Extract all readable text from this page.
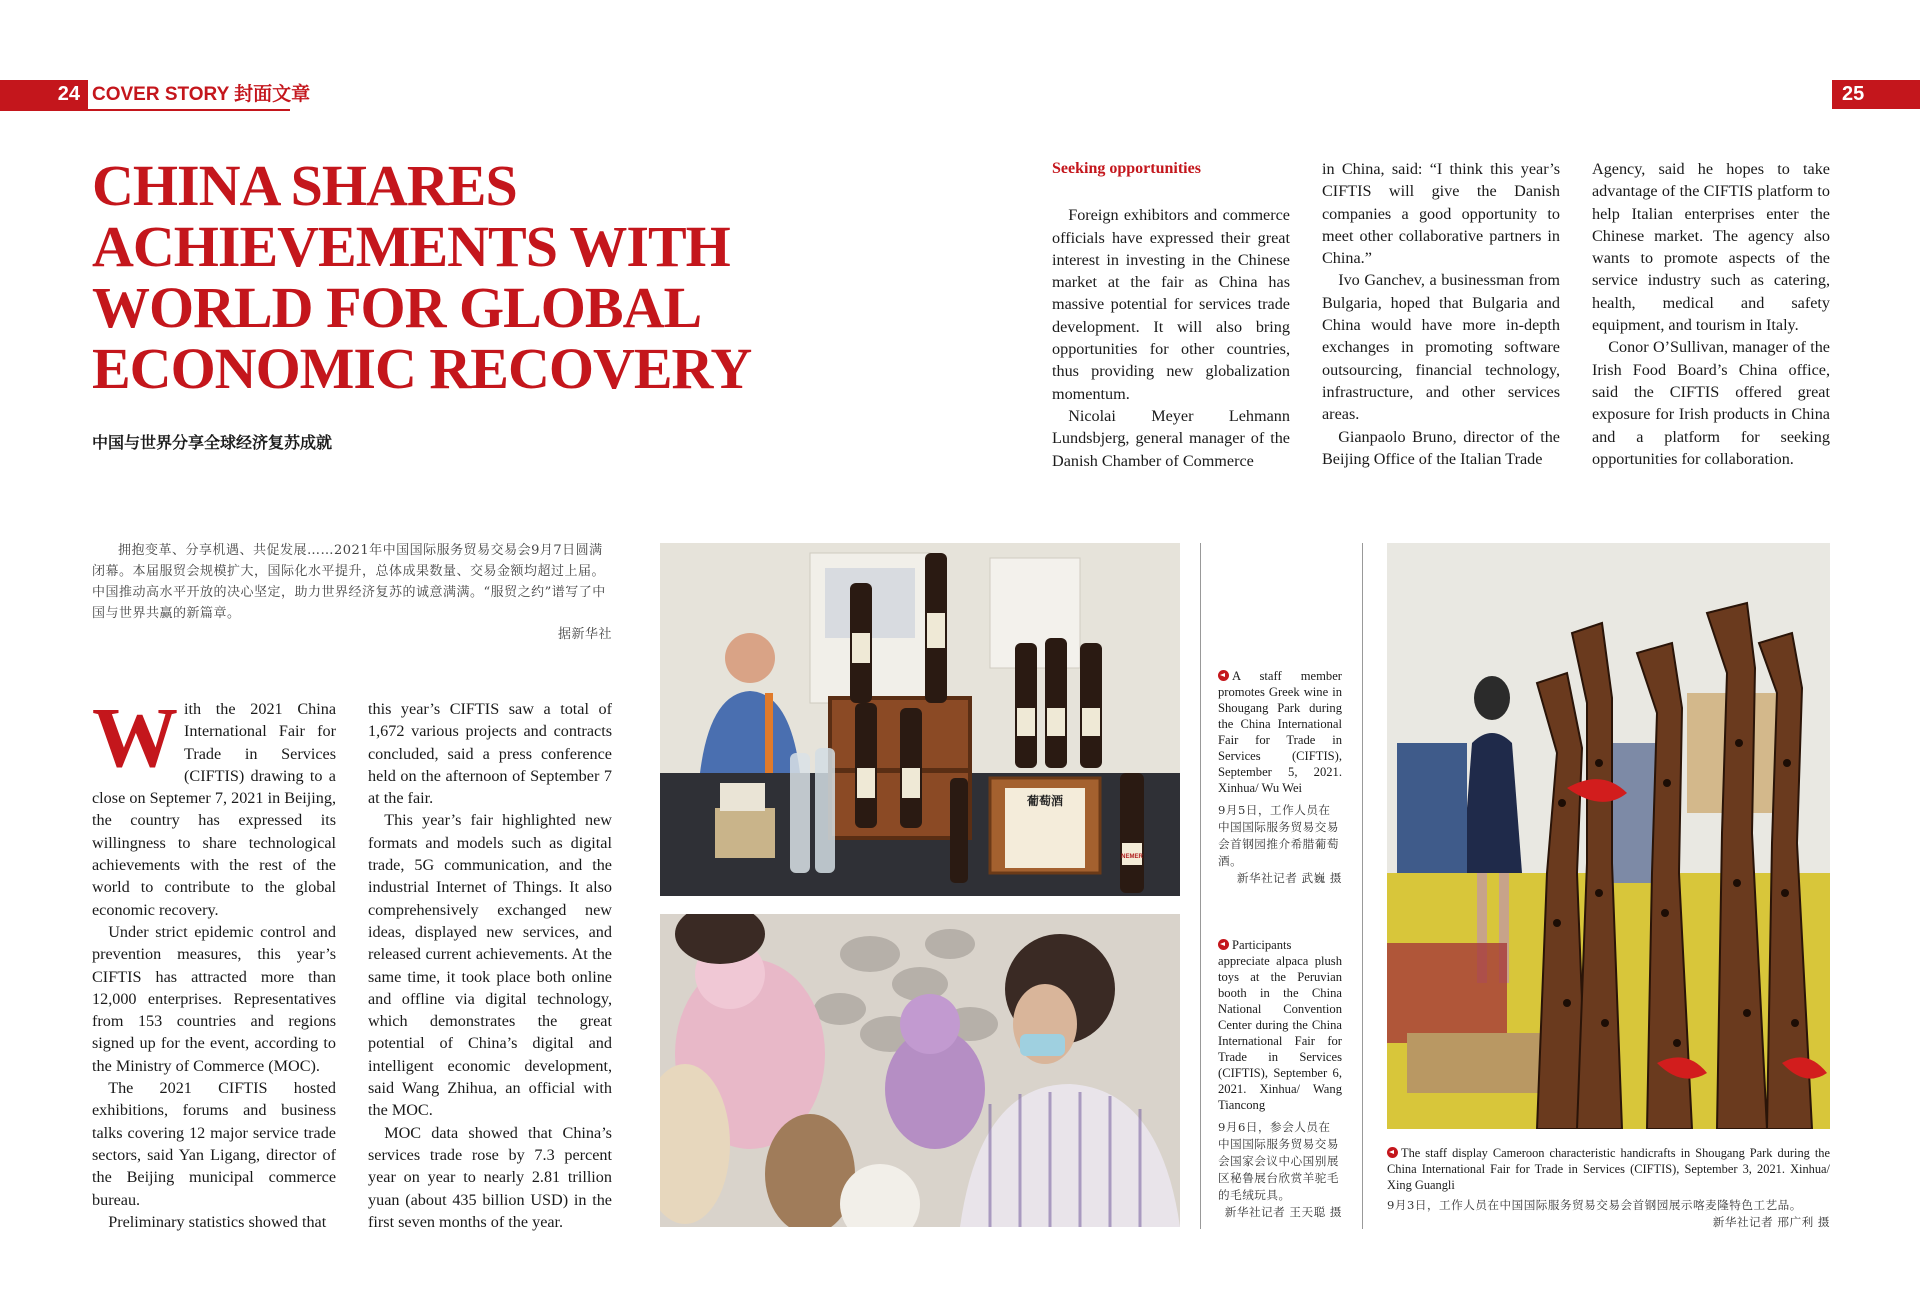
24 COVER STORY 封面文章	25
CHINA SHARES ACHIEVEMENTS WITH WORLD FOR GLOBAL ECONOMIC RECOVERY
中国与世界分享全球经济复苏成就

拥抱变革、分享机遇、共促发展……2021年中国国际服务贸易交易会9月7日圆满闭幕。本届服贸会规模扩大，国际化水平提升，总体成果数量、交易金额均超过上届。中国推动高水平开放的决心坚定，助力世界经济复苏的诚意满满。“服贸之约”谱写了中国与世界共赢的新篇章。

据新华社
W ith the 2021 China International Fair for Trade in Services (CIFTIS) drawing to a close on Septemer 7, 2021 in Beijing, the country has expressed its willingness to share technological achievements with the rest of the world to contribute to the global economic recovery.

Under strict epidemic control and prevention measures, this year’s CIFTIS has attracted more than 12,000 enterprises. Representatives from 153 countries and regions signed up for the event, according to the Ministry of Commerce (MOC).

The 2021 CIFTIS hosted exhibitions, forums and business talks covering 12 major service trade sectors, said Yan Ligang, director of the Beijing municipal commerce bureau.

Preliminary statistics showed that

this year’s CIFTIS saw a total of 1,672 various projects and contracts concluded, said a press conference held on the afternoon of September 7 at the fair.

This year’s fair highlighted new formats and models such as digital trade, 5G communication, and the industrial Internet of Things. It also comprehensively exchanged new ideas, displayed new services, and released current achievements. At the same time, it took place both online and offline via digital technology, which demonstrates the great potential of China’s digital and intelligent economic development, said Wang Zhihua, an official with the MOC.

MOC data showed that China’s services trade rose by 7.3 percent year on year to nearly 2.81 trillion yuan (about 435 billion USD) in the first seven months of the year.

Seeking opportunities

Foreign exhibitors and commerce officials have expressed their great interest in investing in the Chinese market at the fair as China has massive potential for services trade development. It will also bring opportunities for other countries, thus providing new globalization momentum.

Nicolai Meyer Lehmann Lundsbjerg, general manager of the Danish Chamber of Commerce

in China, said: “I think this year’s CIFTIS will give the Danish companies a good opportunity to meet other collaborative partners in China.”

Ivo Ganchev, a businessman from Bulgaria, hoped that Bulgaria and China would have more in-depth exchanges in promoting software outsourcing, financial technology, infrastructure, and other services areas.

Gianpaolo Bruno, director of the Beijing Office of the Italian Trade

Agency, said he hopes to take advantage of the CIFTIS platform to help Italian enterprises enter the Chinese market. The agency also wants to promote aspects of the service industry such as catering, health, medical and safety equipment, and tourism in Italy.

Conor O’Sullivan, manager of the Irish Food Board’s China office, said the CIFTIS offered great exposure for Irish products in China and a platform for seeking opportunities for collaboration.

NEMER
葡萄酒
A staff member promotes Greek wine in Shougang Park during the China International Fair for Trade in Services (CIFTIS), September 5, 2021. Xinhua/ Wu Wei
9月5日，工作人员在中国国际服务贸易交易会首钢园推介希腊葡萄酒。
新华社记者 武巍 摄
Participants appreciate alpaca plush toys at the Peruvian booth in the China National Convention Center during the China International Fair for Trade in Services (CIFTIS), September 6, 2021. Xinhua/ Wang Tiancong
9月6日，参会人员在中国国际服务贸易交易会国家会议中心国别展区秘鲁展台欣赏羊驼毛的毛绒玩具。
新华社记者 王天聪 摄
The staff display Cameroon characteristic handicrafts in Shougang Park during the China International Fair for Trade in Services (CIFTIS), September 3, 2021. Xinhua/ Xing Guangli
9月3日，工作人员在中国国际服务贸易交易会首钢园展示喀麦隆特色工艺品。
新华社记者 邢广利 摄
